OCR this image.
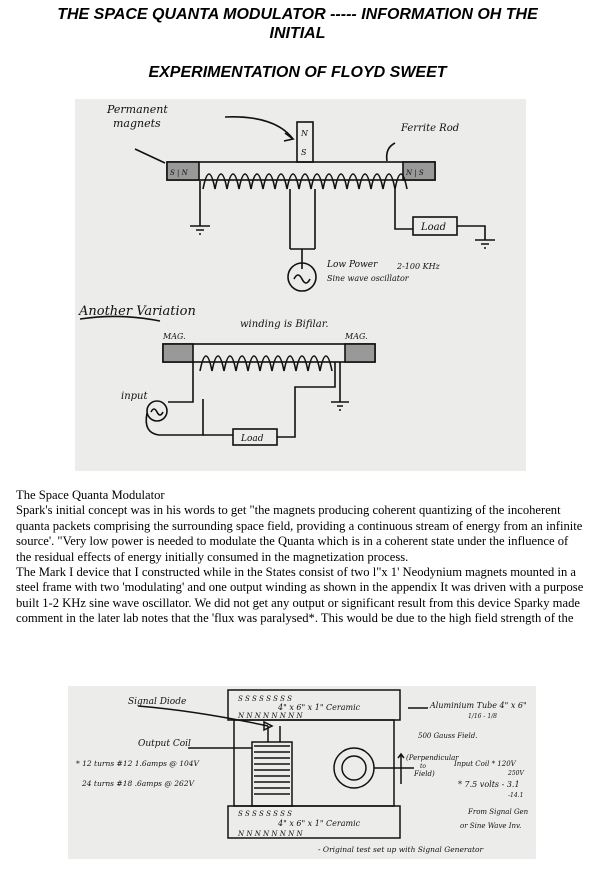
THE SPACE QUANTA MODULATOR ----- INFORMATION OH THE
INITIAL
EXPERIMENTATION OF FLOYD SWEET
Permanent
magnets	Ferrite Rod
N
S
S | N	N | S
Load
Low Power
Sine wave oscillator
2-100 KHz
Another Variation
winding is Bifilar.
MAG.	MAG.
input
Load

The Space Quanta Modulator

Spark's initial concept was in his words to get "the magnets producing coherent quantizing of the incoherent quanta packets comprising the surrounding space field, providing a continuous stream of energy from an infinite source'. "Very low power is needed to modulate the Quanta which is in a coherent state under the influence of the residual effects of energy initially consumed in the magnetization process.

The Mark I device that I constructed while in the States consist of two l"x 1' Neodynium magnets mounted in a steel frame with two 'modulating' and one output winding as shown in the appendix It was driven with a purpose built 1-2 KHz sine wave oscillator. We did not get any output or significant result from this device Sparky made comment in the later lab notes that the 'flux was paralysed*. This would be due to the high field strength of the

Signal Diode	S S S S S S S S
4" x 6" x 1" Ceramic
N N N N N N N N
Aluminium Tube 4" x 6"
1/16 - 1/8
500 Gauss Field.
Output Coil
* 12 turns #12 1.6amps @ 104V
24 turns #18 .6amps @ 262V
(Perpendicular
to
Field)
Input Coil * 120V
250V
* 7.5 volts - 3.1
-14.1
From Signal Gen
or Sine Wave Inv.
S S S S S S S S
4" x 6" x 1" Ceramic
N N N N N N N N
- Original test set up with Signal Generator
